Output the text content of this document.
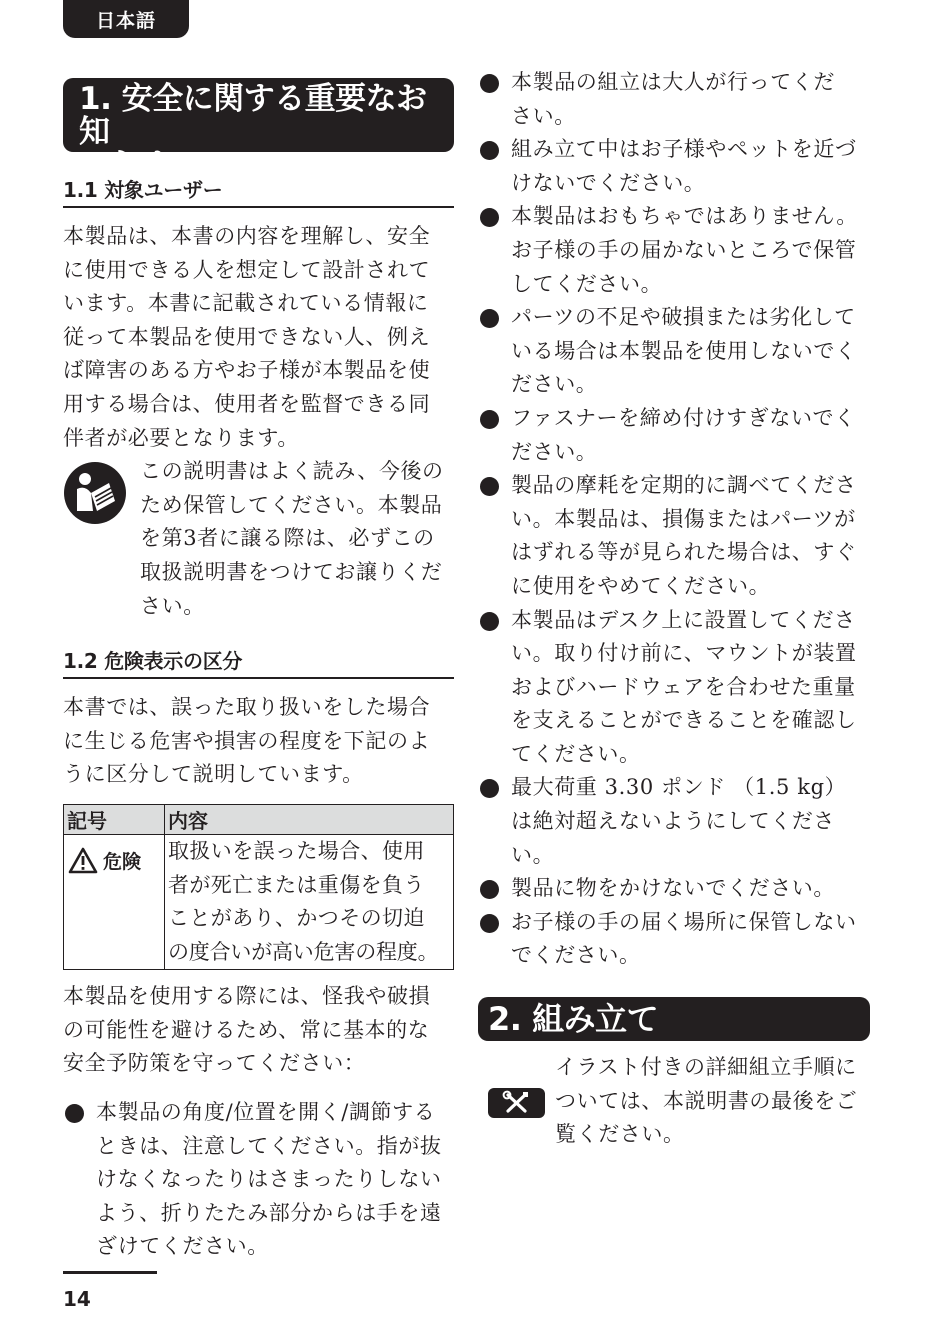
日本語
1. 安全に関する重要なお知
らせ
1.1 対象ユーザー
本製品は、本書の内容を理解し、安全
に使用できる人を想定して設計されて
います。本書に記載されている情報に
従って本製品を使用できない人、例え
ば障害のある方やお子様が本製品を使
用する場合は、使用者を監督できる同
伴者が必要となります。
この説明書はよく読み、今後の
ため保管してください。本製品
を第3者に譲る際は、必ずこの
取扱説明書をつけてお譲りくだ
さい。
1.2 危険表示の区分
本書では、誤った取り扱いをした場合
に生じる危害や損害の程度を下記のよ
うに区分して説明しています。
記号	内容
危険	取扱いを誤った場合、使用
者が死亡または重傷を負う
ことがあり、かつその切迫
の度合いが高い危害の程度。
本製品を使用する際には、怪我や破損
の可能性を避けるため、常に基本的な
安全予防策を守ってください：
本製品の角度/位置を開く/調節する
ときは、注意してください。指が抜
けなくなったりはさまったりしない
よう、折りたたみ部分からは手を遠
ざけてください。
本製品の組立は大人が行ってくだ
さい。
組み立て中はお子様やペットを近づ
けないでください。
本製品はおもちゃではありません。
お子様の手の届かないところで保管
してください。
パーツの不足や破損または劣化して
いる場合は本製品を使用しないでく
ださい。
ファスナーを締め付けすぎないでく
ださい。
製品の摩耗を定期的に調べてくださ
い。本製品は、損傷またはパーツが
はずれる等が見られた場合は、すぐ
に使用をやめてください。
本製品はデスク上に設置してくださ
い。取り付け前に、マウントが装置
およびハードウェアを合わせた重量
を支えることができることを確認し
てください。
最大荷重 3.30 ポンド （1.5 kg）
は絶対超えないようにしてくださ
い。
製品に物をかけないでください。
お子様の手の届く場所に保管しない
でください。
2. 組み立て
イラスト付きの詳細組立手順に
ついては、本説明書の最後をご
覧ください。
14
